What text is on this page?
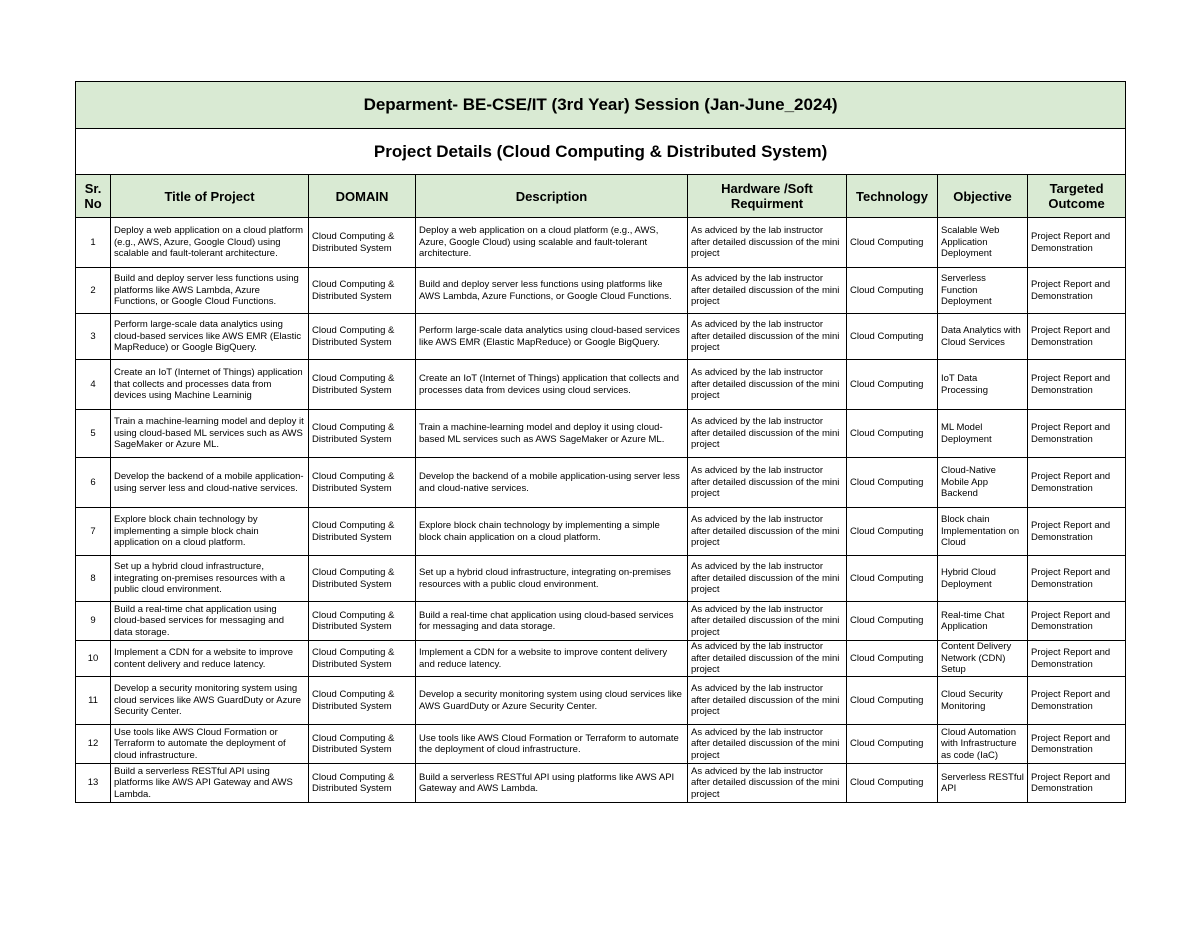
Deparment- BE-CSE/IT (3rd Year) Session (Jan-June_2024)							
Project Details (Cloud Computing & Distributed System)							
Sr. No	Title of Project	DOMAIN	Description	Hardware /Soft Requirment	Technology	Objective	Targeted Outcome
1	Deploy a web application on a cloud platform (e.g., AWS, Azure, Google Cloud) using scalable and fault-tolerant architecture.	Cloud Computing & Distributed System	Deploy a web application on a cloud platform (e.g., AWS, Azure, Google Cloud) using scalable and fault-tolerant architecture.	As adviced by the lab instructor after detailed discussion of the mini project	Cloud Computing	Scalable Web Application Deployment	Project Report and Demonstration
2	Build and deploy server less functions using platforms like AWS Lambda, Azure Functions, or Google Cloud Functions.	Cloud Computing & Distributed System	Build and deploy server less functions using platforms like AWS Lambda, Azure Functions, or Google Cloud Functions.	As adviced by the lab instructor after detailed discussion of the mini project	Cloud Computing	Serverless Function Deployment	Project Report and Demonstration
3	Perform large-scale data analytics using cloud-based services like AWS EMR (Elastic MapReduce) or Google BigQuery.	Cloud Computing & Distributed System	Perform large-scale data analytics using cloud-based services like AWS EMR (Elastic MapReduce) or Google BigQuery.	As adviced by the lab instructor after detailed discussion of the mini project	Cloud Computing	Data Analytics with Cloud Services	Project Report and Demonstration
4	Create an IoT (Internet of Things) application that collects and processes data from devices using Machine Learninig	Cloud Computing & Distributed System	Create an IoT (Internet of Things) application that collects and processes data from devices using cloud services.	As adviced by the lab instructor after detailed discussion of the mini project	Cloud Computing	IoT Data Processing	Project Report and Demonstration
5	Train a machine-learning model and deploy it using cloud-based ML services such as AWS SageMaker or Azure ML.	Cloud Computing & Distributed System	Train a machine-learning model and deploy it using cloud-based ML services such as AWS SageMaker or Azure ML.	As adviced by the lab instructor after detailed discussion of the mini project	Cloud Computing	ML Model Deployment	Project Report and Demonstration
6	Develop the backend of a mobile application-using server less and cloud-native services.	Cloud Computing & Distributed System	Develop the backend of a mobile application-using server less and cloud-native services.	As adviced by the lab instructor after detailed discussion of the mini project	Cloud Computing	Cloud-Native Mobile App Backend	Project Report and Demonstration
7	Explore block chain technology by implementing a simple block chain application on a cloud platform.	Cloud Computing & Distributed System	Explore block chain technology by implementing a simple block chain application on a cloud platform.	As adviced by the lab instructor after detailed discussion of the mini project	Cloud Computing	Block chain Implementation on Cloud	Project Report and Demonstration
8	Set up a hybrid cloud infrastructure, integrating on-premises resources with a public cloud environment.	Cloud Computing & Distributed System	Set up a hybrid cloud infrastructure, integrating on-premises resources with a public cloud environment.	As adviced by the lab instructor after detailed discussion of the mini project	Cloud Computing	Hybrid Cloud Deployment	Project Report and Demonstration
9	Build a real-time chat application using cloud-based services for messaging and data storage.	Cloud Computing & Distributed System	Build a real-time chat application using cloud-based services for messaging and data storage.	As adviced by the lab instructor after detailed discussion of the mini project	Cloud Computing	Real-time Chat Application	Project Report and Demonstration
10	Implement a CDN for a website to improve content delivery and reduce latency.	Cloud Computing & Distributed System	Implement a CDN for a website to improve content delivery and reduce latency.	As adviced by the lab instructor after detailed discussion of the mini project	Cloud Computing	Content Delivery Network (CDN) Setup	Project Report and Demonstration
11	Develop a security monitoring system using cloud services like AWS GuardDuty or Azure Security Center.	Cloud Computing & Distributed System	Develop a security monitoring system using cloud services like AWS GuardDuty or Azure Security Center.	As adviced by the lab instructor after detailed discussion of the mini project	Cloud Computing	Cloud Security Monitoring	Project Report and Demonstration
12	Use tools like AWS Cloud Formation or Terraform to automate the deployment of cloud infrastructure.	Cloud Computing & Distributed System	Use tools like AWS Cloud Formation or Terraform to automate the deployment of cloud infrastructure.	As adviced by the lab instructor after detailed discussion of the mini project	Cloud Computing	Cloud Automation with Infrastructure as code (IaC)	Project Report and Demonstration
13	Build a serverless RESTful API using platforms like AWS API Gateway and AWS Lambda.	Cloud Computing & Distributed System	Build a serverless RESTful API using platforms like AWS API Gateway and AWS Lambda.	As adviced by the lab instructor after detailed discussion of the mini project	Cloud Computing	Serverless RESTful API	Project Report and Demonstration
